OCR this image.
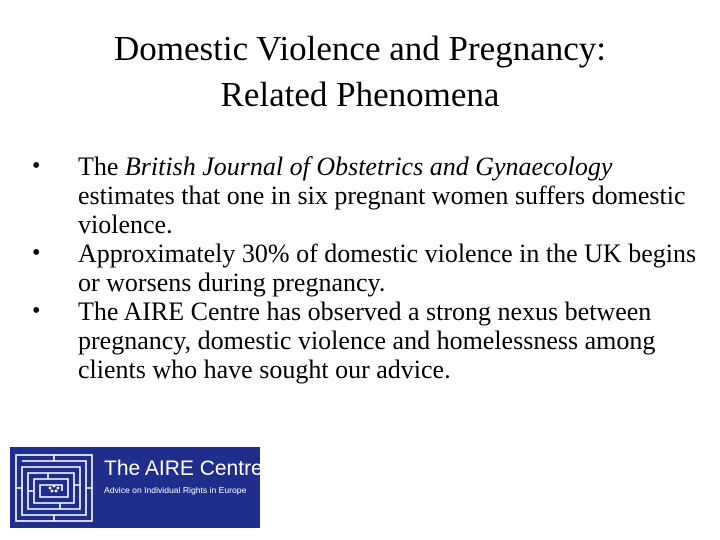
Domestic Violence and Pregnancy:
Related Phenomena
• The British Journal of Obstetrics and Gynaecology estimates that one in six pregnant women suffers domestic violence.
• Approximately 30% of domestic violence in the UK begins or worsens during pregnancy.
• The AIRE Centre has observed a strong nexus between pregnancy, domestic violence and homelessness among clients who have sought our advice.
The AIRE Centre
Advice on Individual Rights in Europe
